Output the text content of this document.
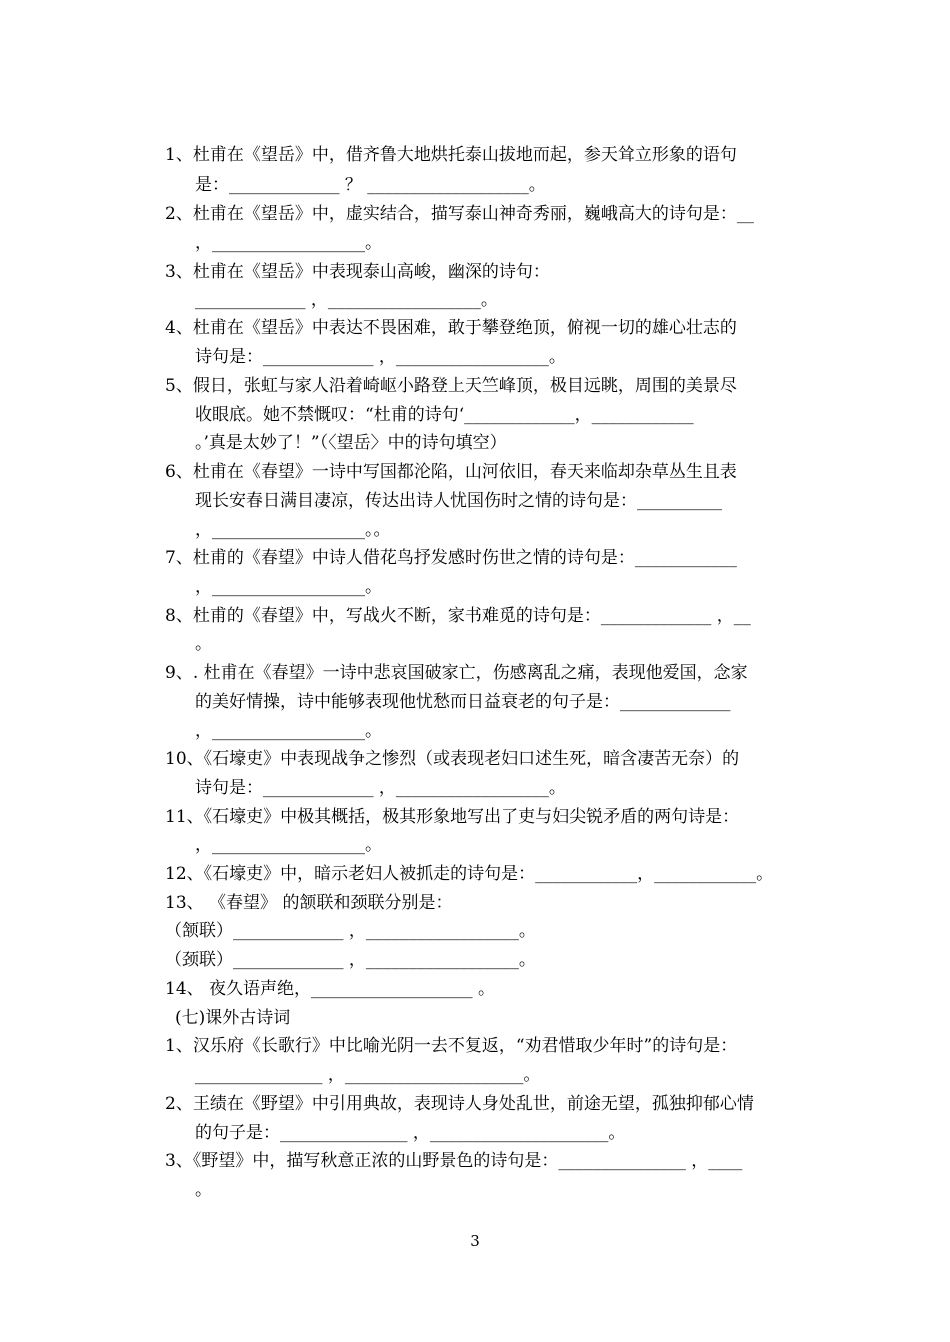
1、杜甫在《望岳》中，借齐鲁大地烘托泰山拔地而起，参天耸立形象的语句
是：_____________ ？ ___________________。
2、杜甫在《望岳》中，虚实结合，描写泰山神奇秀丽，巍峨高大的诗句是：__
，__________________。
3、杜甫在《望岳》中表现泰山高峻，幽深的诗句：
_____________ ，__________________。
4、杜甫在《望岳》中表达不畏困难，敢于攀登绝顶，俯视一切的雄心壮志的
诗句是：_____________ ，__________________。
5、假日，张虹与家人沿着崎岖小路登上天竺峰顶，极目远眺，周围的美景尽
收眼底。她不禁慨叹：“杜甫的诗句‘_____________，____________
。’真是太妙了！”（〈望岳〉中的诗句填空）
6、杜甫在《春望》一诗中写国都沦陷，山河依旧，春天来临却杂草丛生且表
现长安春日满目凄凉，传达出诗人忧国伤时之情的诗句是：__________
，__________________。。
7、杜甫的《春望》中诗人借花鸟抒发感时伤世之情的诗句是：____________
，__________________。
8、杜甫的《春望》中，写战火不断，家书难觅的诗句是：_____________ ，__
。
9、. 杜甫在《春望》一诗中悲哀国破家亡，伤感离乱之痛，表现他爱国，念家
的美好情操，诗中能够表现他忧愁而日益衰老的句子是：_____________
，__________________。
10、《石壕吏》中表现战争之惨烈（或表现老妇口述生死，暗含凄苦无奈）的
诗句是：_____________ ，__________________。
11、《石壕吏》中极其概括，极其形象地写出了吏与妇尖锐矛盾的两句诗是：
，__________________。
12、《石壕吏》中，暗示老妇人被抓走的诗句是：____________，____________。
13、 《春望》 的颔联和颈联分别是：
（颔联）_____________ ，__________________。
（颈联）_____________ ，__________________。
14、 夜久语声绝，___________________ 。
(七)课外古诗词
1、汉乐府《长歌行》中比喻光阴一去不复返，“劝君惜取少年时”的诗句是：
_______________ ，_____________________。
2、王绩在《野望》中引用典故，表现诗人身处乱世，前途无望，孤独抑郁心情
的句子是：_______________ ，_____________________。
3、《野望》中，描写秋意正浓的山野景色的诗句是：_______________ ，____
。
3
